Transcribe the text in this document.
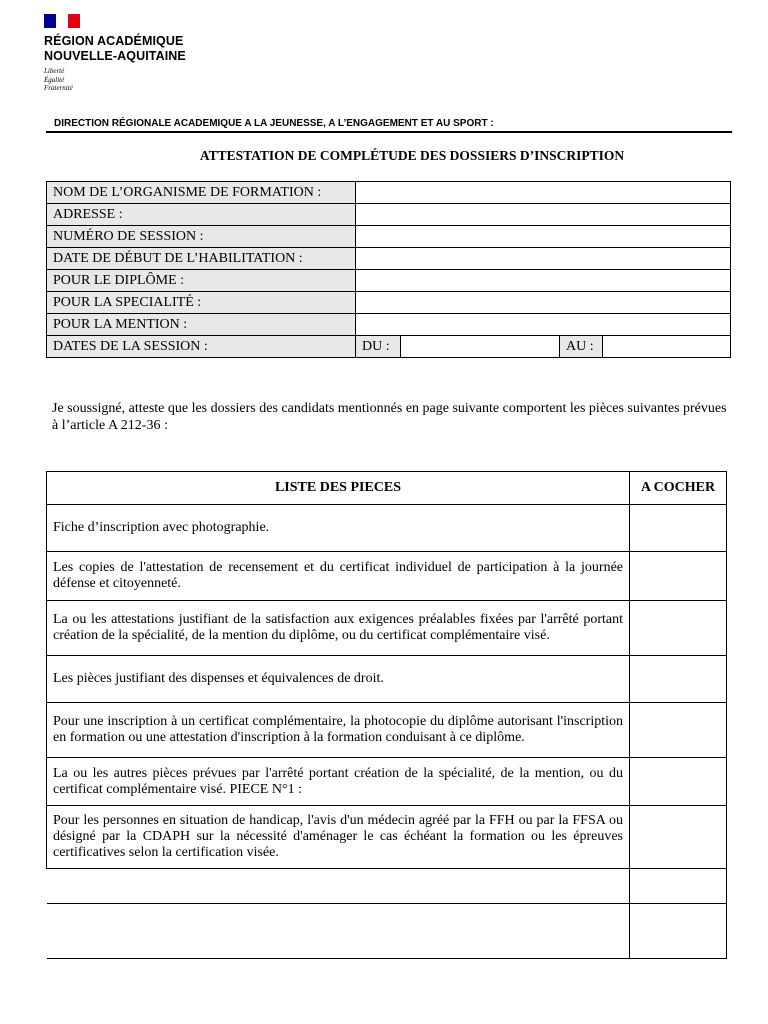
RÉGION ACADÉMIQUE
NOUVELLE-AQUITAINE
Liberté
Égalité
Fraternité
DIRECTION RÉGIONALE ACADEMIQUE A LA JEUNESSE, A L’ENGAGEMENT ET AU SPORT :
ATTESTATION DE COMPLÉTUDE DES DOSSIERS D’INSCRIPTION
NOM DE L’ORGANISME DE FORMATION :				
ADRESSE :				
NUMÉRO DE SESSION :				
DATE DE DÉBUT DE L’HABILITATION :				
POUR LE DIPLÔME :				
POUR LA SPECIALITÉ :				
POUR LA MENTION :				
DATES DE LA SESSION :	DU :		AU :	
Je soussigné, atteste que les dossiers des candidats mentionnés en page suivante comportent les pièces suivantes prévues à l’article A 212-36 :
LISTE DES PIECES	A COCHER
Fiche d’inscription avec photographie.	
Les copies de l'attestation de recensement et du certificat individuel de participation à la journée défense et citoyenneté.	
La ou les attestations justifiant de la satisfaction aux exigences préalables fixées par l'arrêté portant création de la spécialité, de la mention du diplôme, ou du certificat complémentaire visé.	
Les pièces justifiant des dispenses et équivalences de droit.	
Pour une inscription à un certificat complémentaire, la photocopie du diplôme autorisant l'inscription en formation ou une attestation d'inscription à la formation conduisant à ce diplôme.	
La ou les autres pièces prévues par l'arrêté portant création de la spécialité, de la mention, ou du certificat complémentaire visé. PIECE N°1 :	
Pour les personnes en situation de handicap, l'avis d'un médecin agréé par la FFH ou par la FFSA ou désigné par la CDAPH sur la nécessité d'aménager le cas échéant la formation ou les épreuves certificatives selon la certification visée.	
